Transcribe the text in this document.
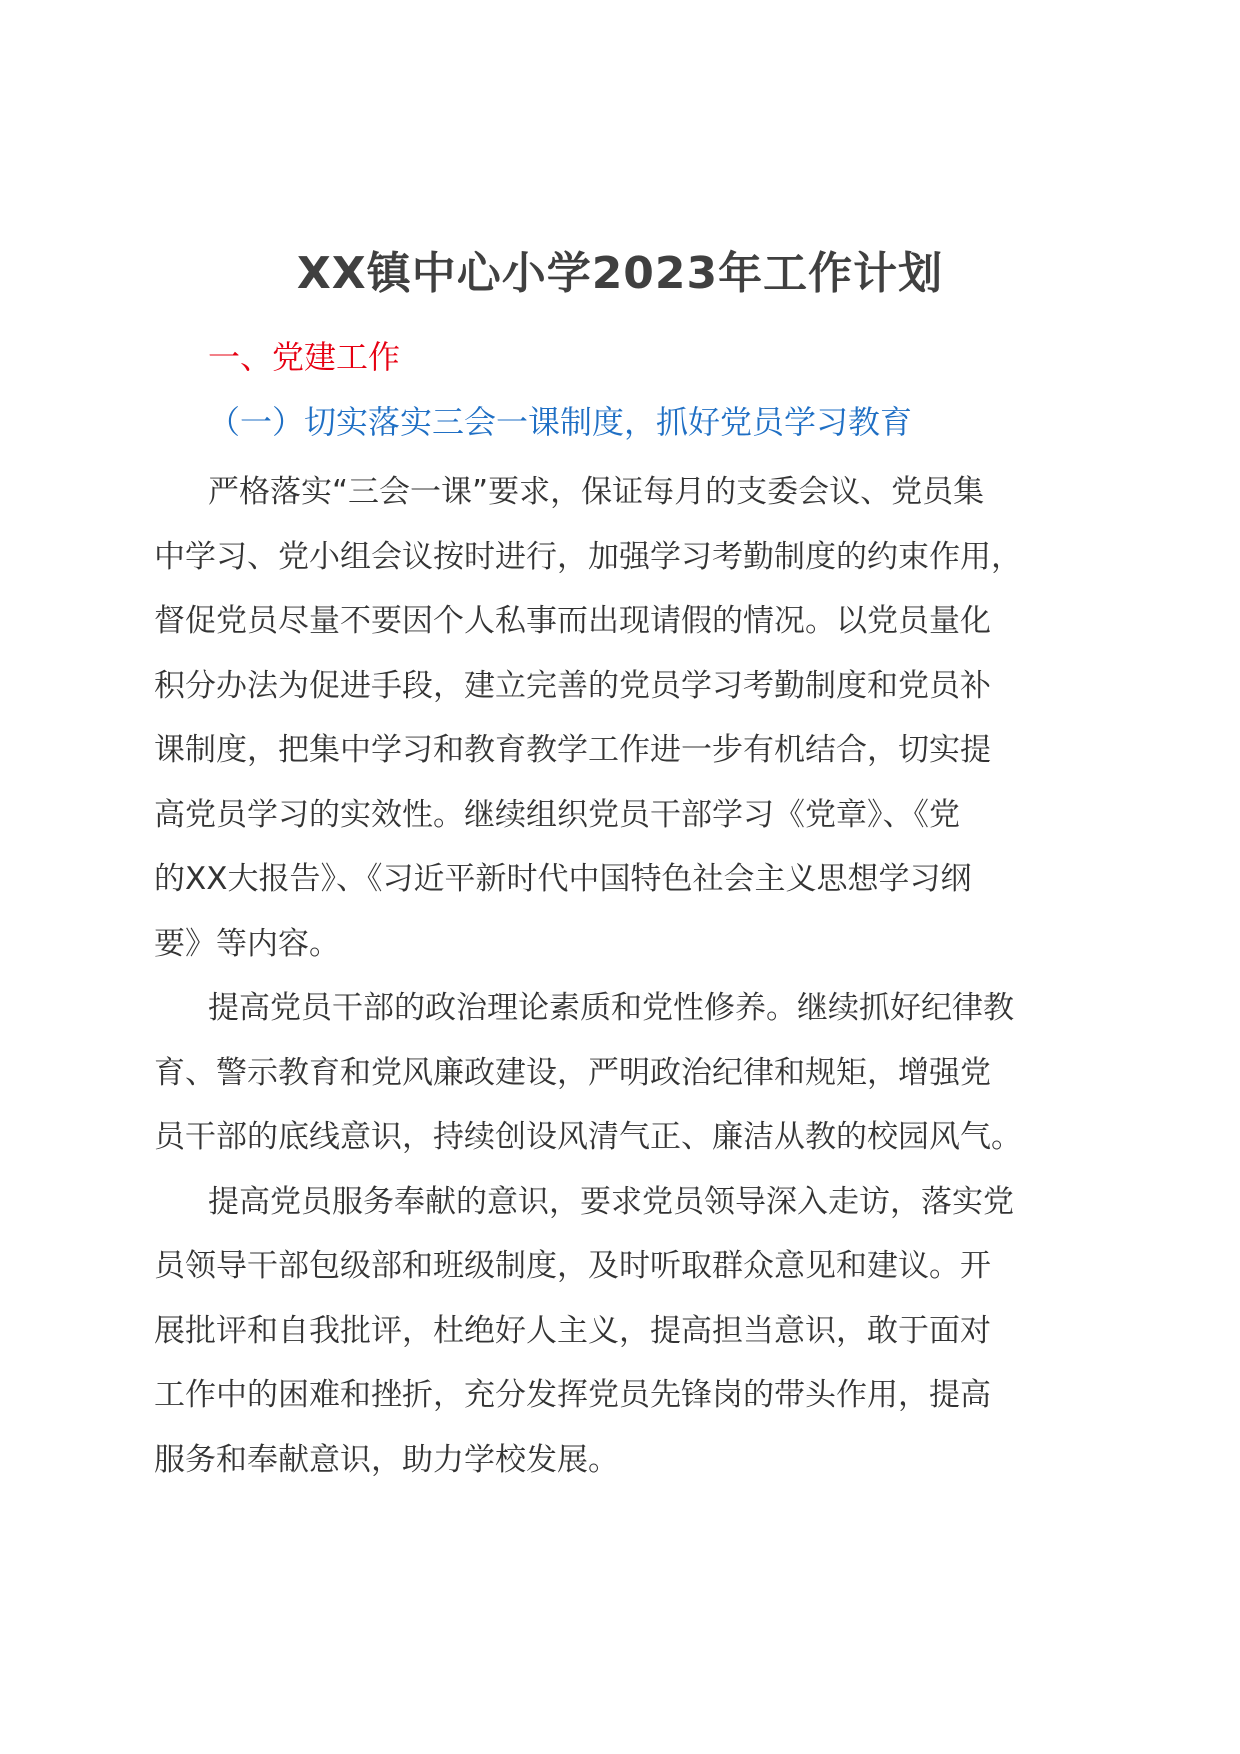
XX镇中心小学2023年工作计划
一、党建工作
（一）切实落实三会一课制度，抓好党员学习教育

严格落实“三会一课”要求，保证每月的支委会议、党员集
中学习、党小组会议按时进行，加强学习考勤制度的约束作用，
督促党员尽量不要因个人私事而出现请假的情况。以党员量化
积分办法为促进手段，建立完善的党员学习考勤制度和党员补
课制度，把集中学习和教育教学工作进一步有机结合，切实提
高党员学习的实效性。继续组织党员干部学习《党章》、《党
的XX大报告》、《习近平新时代中国特色社会主义思想学习纲
要》等内容。

提高党员干部的政治理论素质和党性修养。继续抓好纪律教
育、警示教育和党风廉政建设，严明政治纪律和规矩，增强党
员干部的底线意识，持续创设风清气正、廉洁从教的校园风气。

提高党员服务奉献的意识，要求党员领导深入走访，落实党
员领导干部包级部和班级制度，及时听取群众意见和建议。开
展批评和自我批评，杜绝好人主义，提高担当意识，敢于面对
工作中的困难和挫折，充分发挥党员先锋岗的带头作用，提高
服务和奉献意识，助力学校发展。
